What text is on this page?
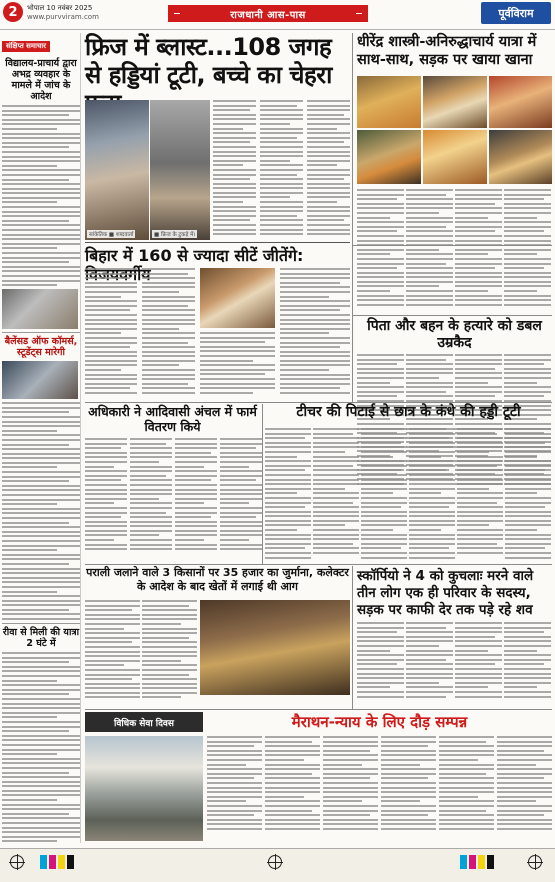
2	भोपाल 10 नवंबर 2025
www.purvviram.com	राजधानी आस-पास	पूर्वविराम
संक्षिप्त समाचार
विद्यालय-प्राचार्य द्वारा अभद्र व्यवहार के मामले में जांच के आदेश
बैलेंसड ऑफ कॉमर्स, स्टूडेंट्स मारेगी
रीवा से मिली की यात्रा 2 घंटे में
फ्रिज में ब्लास्ट...108 जगह से हड्डियां टूटी, बच्चे का चेहरा
सांकेतिक ■ शब्दवार्ता	■ फ्रिज के टुकड़े में।
धीरेंद्र शास्त्री-अनिरुद्धाचार्य यात्रा में साथ-साथ, सड़क पर खाया खाना
बिहार में 160 से ज्यादा सीटें जीतेंगे:
पिता और बहन के हत्यारे को डबल उम्रकैद
अधिकारी ने आदिवासी अंचल में फार्म वितरण किये
टीचर की पिटाई से छात्र के कंधे की हड्डी टूटी
पराली जलाने वाले 3 किसानों पर 35 हजार का जुर्माना, कलेक्टर के आदेश के बाद खेतों में लगाई थी आग
स्कॉर्पियो ने 4 को कुचलाः मरने वाले तीन लोग एक ही परिवार के सदस्य, सड़क पर काफी देर तक पड़े रहे शव
विधिक सेवा दिवस	मैराथन-न्याय के लिए दौड़ सम्पन्न
